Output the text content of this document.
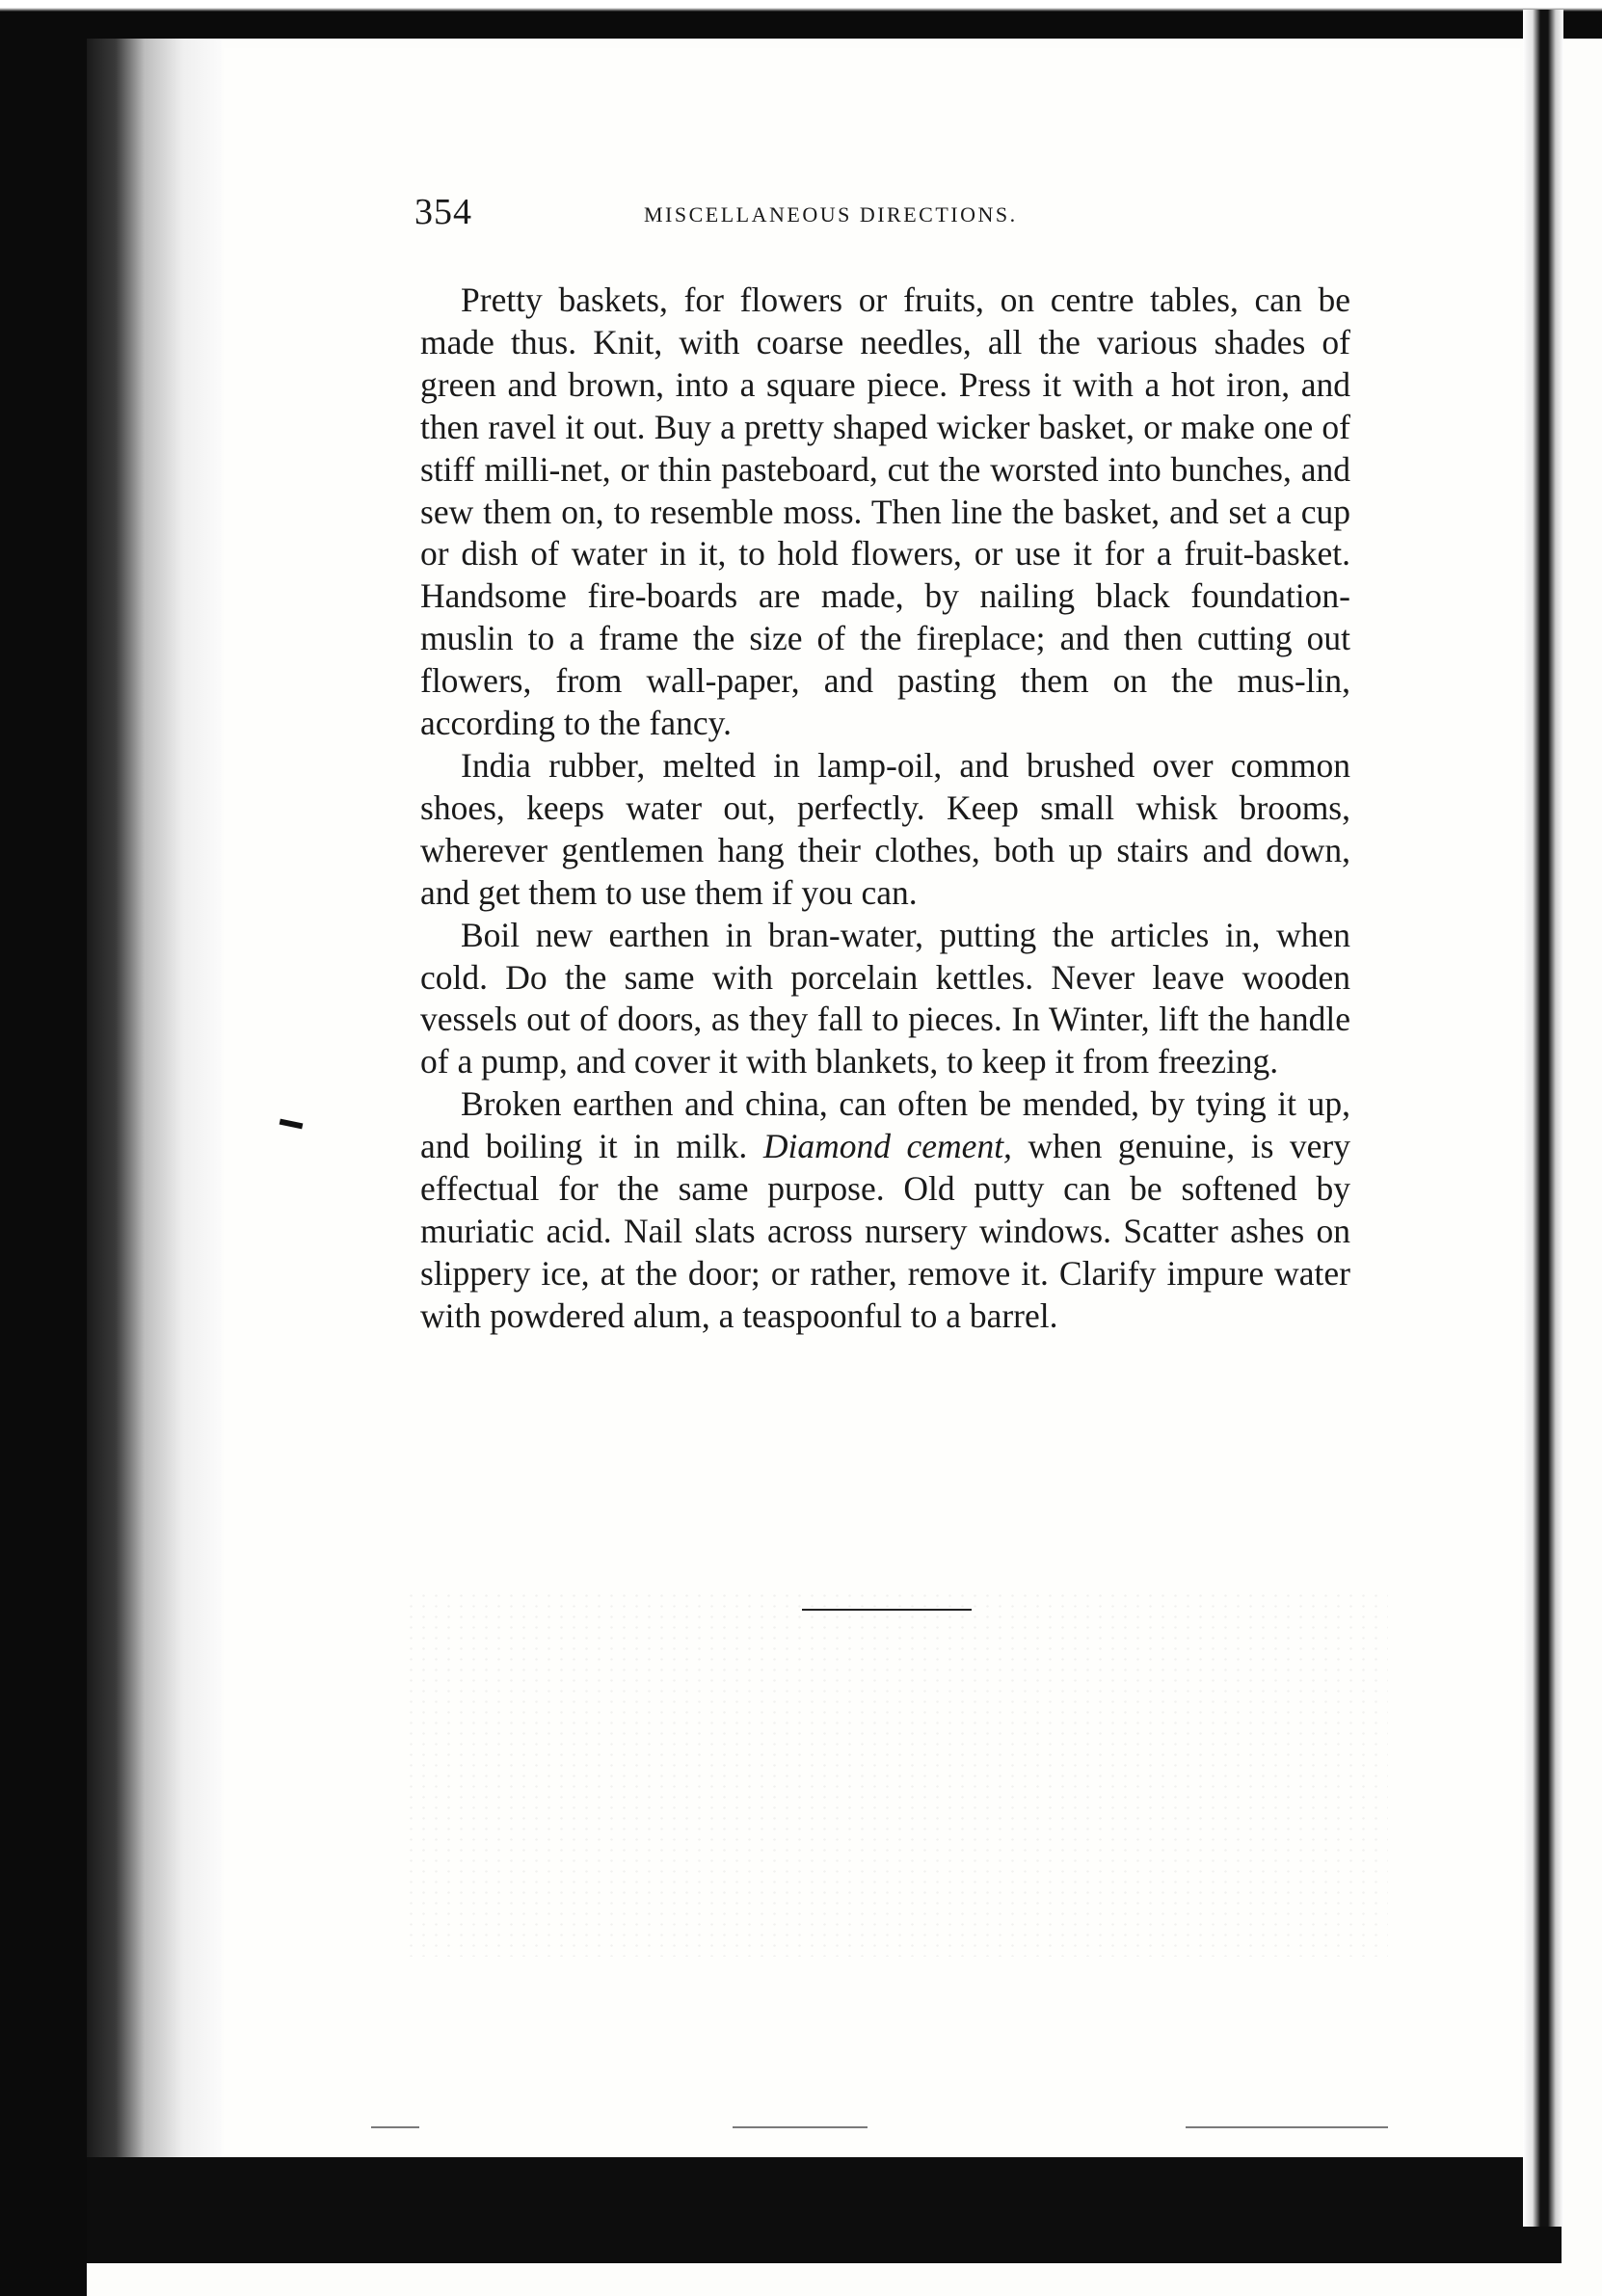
354	MISCELLANEOUS DIRECTIONS.

Pretty baskets, for flowers or fruits, on centre tables, can be made thus. Knit, with coarse needles, all the various shades of green and brown, into a square piece. Press it with a hot iron, and then ravel it out. Buy a pretty shaped wicker basket, or make one of stiff milli-net, or thin pasteboard, cut the worsted into bunches, and sew them on, to resemble moss. Then line the basket, and set a cup or dish of water in it, to hold flowers, or use it for a fruit-basket. Handsome fire-boards are made, by nailing black foundation-muslin to a frame the size of the fireplace; and then cutting out flowers, from wall-paper, and pasting them on the mus-lin, according to the fancy.

India rubber, melted in lamp-oil, and brushed over common shoes, keeps water out, perfectly. Keep small whisk brooms, wherever gentlemen hang their clothes, both up stairs and down, and get them to use them if you can.

Boil new earthen in bran-water, putting the articles in, when cold. Do the same with porcelain kettles. Never leave wooden vessels out of doors, as they fall to pieces. In Winter, lift the handle of a pump, and cover it with blankets, to keep it from freezing.

Broken earthen and china, can often be mended, by tying it up, and boiling it in milk. Diamond cement, when genuine, is very effectual for the same purpose. Old putty can be softened by muriatic acid. Nail slats across nursery windows. Scatter ashes on slippery ice, at the door; or rather, remove it. Clarify impure water with powdered alum, a teaspoonful to a barrel.
